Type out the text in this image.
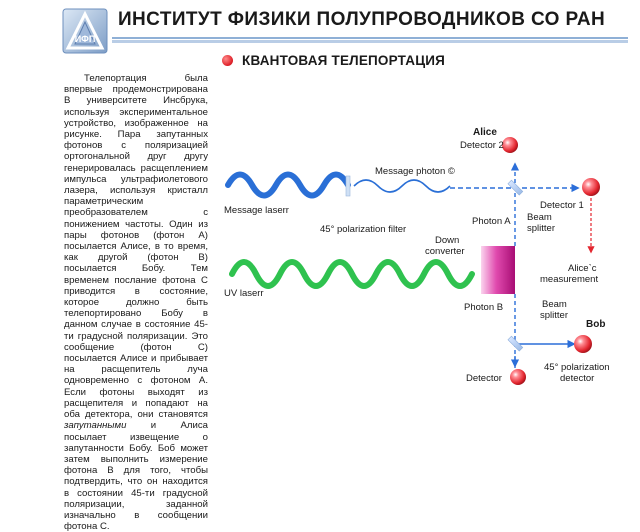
ИФП
ИНСТИТУТ ФИЗИКИ ПОЛУПРОВОДНИКОВ СО РАН
КВАНТОВАЯ ТЕЛЕПОРТАЦИЯ
Телепортация была впервые продемонстрирована В университете Инсбрука, используя экспериментальное устройство, изображенное на рисунке. Пара запутанных фотонов с поляризацией ортогональной друг другу генерировалась расщеплением импульса ультрафиолетового лазера, используя кристалл параметрическим преобразователем с понижением частоты. Один из пары фотонов (фотон А) посылается Алисе, в то время, как другой (фотон В) посылается Бобу. Тем временем послание фотона С приводится в состояние, которое должно быть телепортировано Бобу в данном случае в состояние 45-ти градусной поляризации. Это сообщение (фотон С) посылается Алисе и прибывает на расщепитель луча одновременно с фотоном А. Если фотоны выходят из расщепителя и попадают на оба детектора, они становятся запутанными и Алиса посылает извещение о запутанности Бобу. Боб может затем выполнить измерение фотона В для того, чтобы подтвердить, что он находится в состоянии 45-ти градусной поляризации, заданной изначально в сообщении фотона С.
Alice
Detector 2
Message photon ©
Detector 1
Message laserr
45° polarization filter
Beam splitter
Photon A
Down converter
Alice`c measurement
UV laserr
Photon B	Beam splitter
Bob
45° polarization detector
Detector
